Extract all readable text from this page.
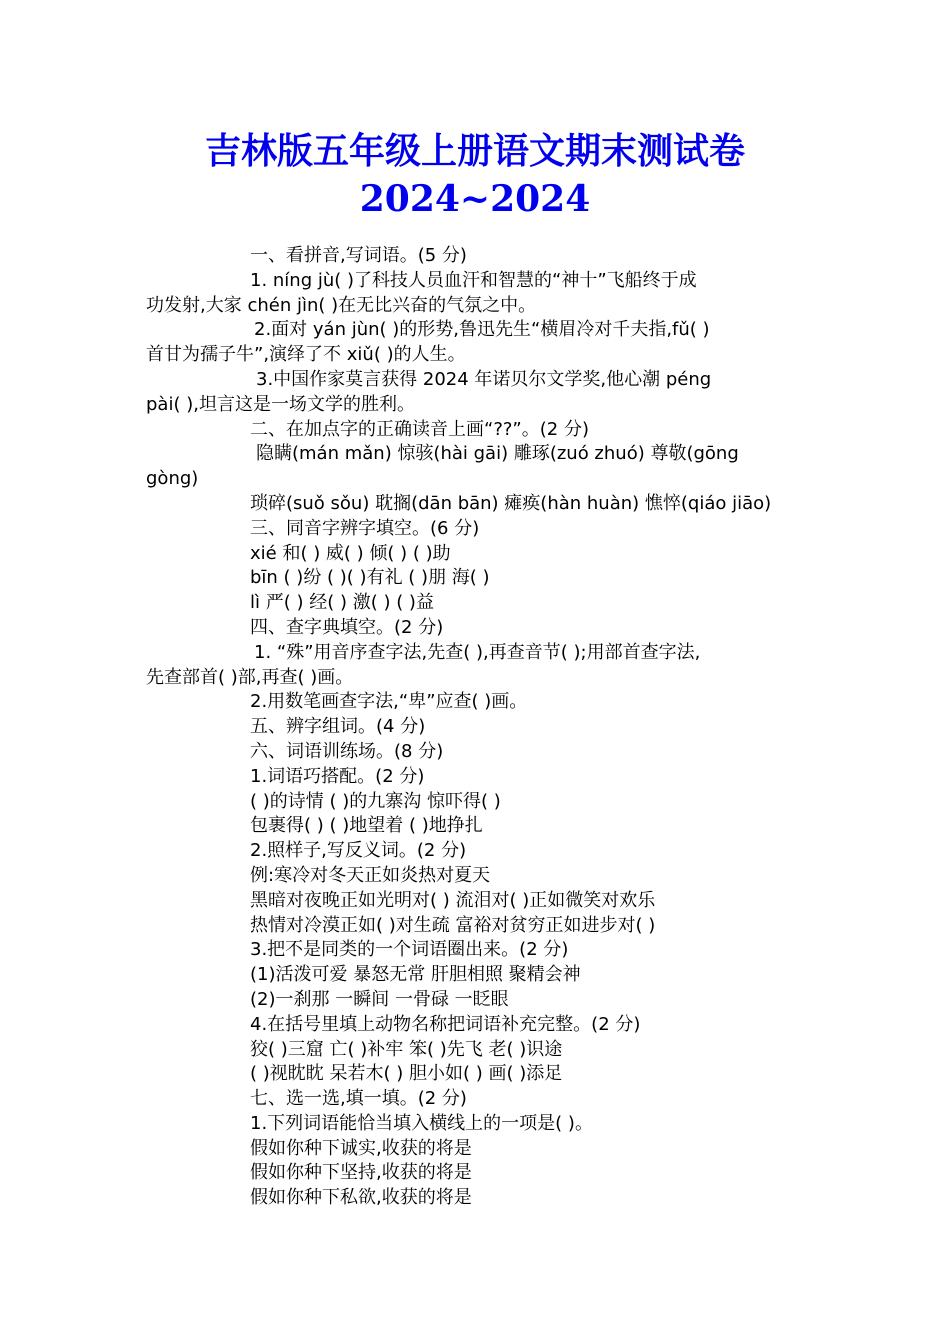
吉林版五年级上册语文期末测试卷
2024~2024
一、看拼音,写词语。(5 分)
1. níng jù( )了科技人员血汗和智慧的“神十”飞船终于成
功发射,大家 chén jìn( )在无比兴奋的气氛之中。
2.面对 yán jùn( )的形势,鲁迅先生“横眉冷对千夫指,fǔ( )
首甘为孺子牛”,演绎了不 xiǔ( )的人生。
3.中国作家莫言获得 2024 年诺贝尔文学奖,他心潮 péng
pài( ),坦言这是一场文学的胜利。
二、在加点字的正确读音上画“??”。(2 分)
隐瞒(mán mǎn) 惊骇(hài gāi) 雕琢(zuó zhuó) 尊敬(gōng
gòng)
琐碎(suǒ sǒu) 耽搁(dān bān) 瘫痪(hàn huàn) 憔悴(qiáo jiāo)
三、同音字辨字填空。(6 分)
xié 和( ) 威( ) 倾( ) ( )助
bīn ( )纷 ( )( )有礼 ( )朋 海( )
lì 严( ) 经( ) 激( ) ( )益
四、查字典填空。(2 分)
1. “殊”用音序查字法,先查( ),再查音节( );用部首查字法,
先查部首( )部,再查( )画。
2.用数笔画查字法,“卑”应查( )画。
五、辨字组词。(4 分)
六、词语训练场。(8 分)
1.词语巧搭配。(2 分)
( )的诗情 ( )的九寨沟 惊吓得( )
包裹得( ) ( )地望着 ( )地挣扎
2.照样子,写反义词。(2 分)
例:寒冷对冬天正如炎热对夏天
黑暗对夜晚正如光明对( ) 流泪对( )正如微笑对欢乐
热情对冷漠正如( )对生疏 富裕对贫穷正如进步对( )
3.把不是同类的一个词语圈出来。(2 分)
(1)活泼可爱 暴怒无常 肝胆相照 聚精会神
(2)一刹那 一瞬间 一骨碌 一眨眼
4.在括号里填上动物名称把词语补充完整。(2 分)
狡( )三窟 亡( )补牢 笨( )先飞 老( )识途
( )视眈眈 呆若木( ) 胆小如( ) 画( )添足
七、选一选,填一填。(2 分)
1.下列词语能恰当填入横线上的一项是( )。
假如你种下诚实,收获的将是
假如你种下坚持,收获的将是
假如你种下私欲,收获的将是
